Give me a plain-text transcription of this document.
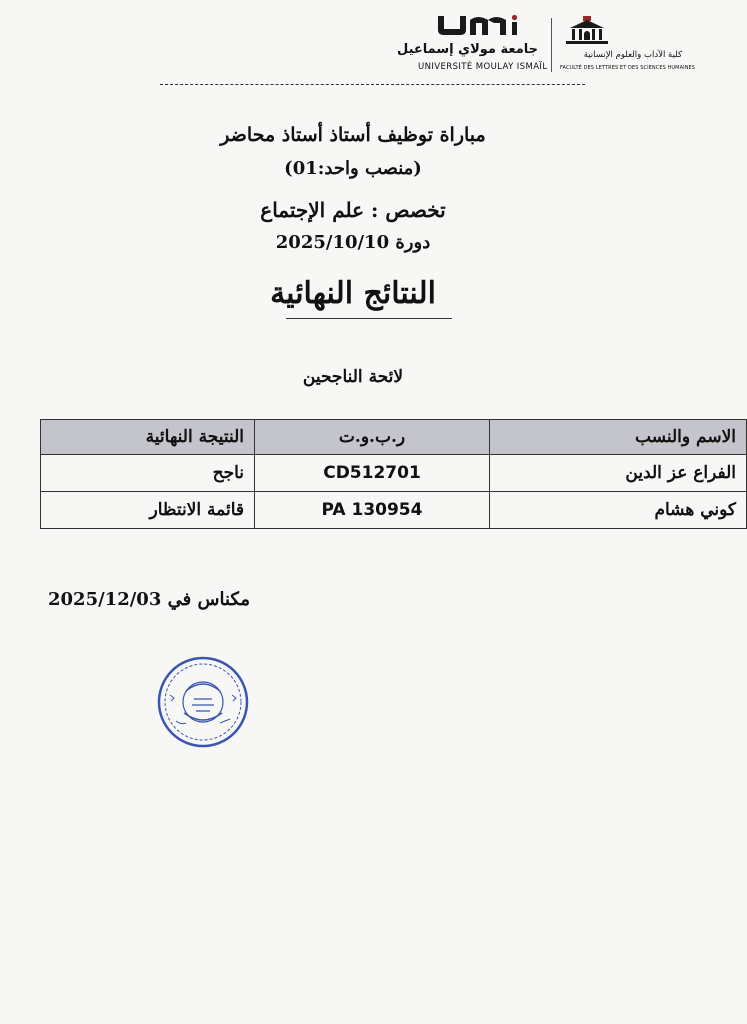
جامعة مولاي إسماعيل
UNIVERSITÉ MOULAY ISMAÏL
كلية الآداب والعلوم الإنسانية
FACULTÉ DES LETTRES ET DES SCIENCES HUMAINES
مباراة توظيف أستاذ أستاذ محاضر
(منصب واحد:01)
تخصص : علم الإجتماع
دورة 2025/10/10
النتائج النهائية
لائحة الناجحين
الاسم والنسب	ر.ب.و.ت	النتيجة النهائية
الفراع عز الدين	CD512701	ناجح
كوني هشام	PA 130954	قائمة الانتظار
مكناس في 2025/12/03
